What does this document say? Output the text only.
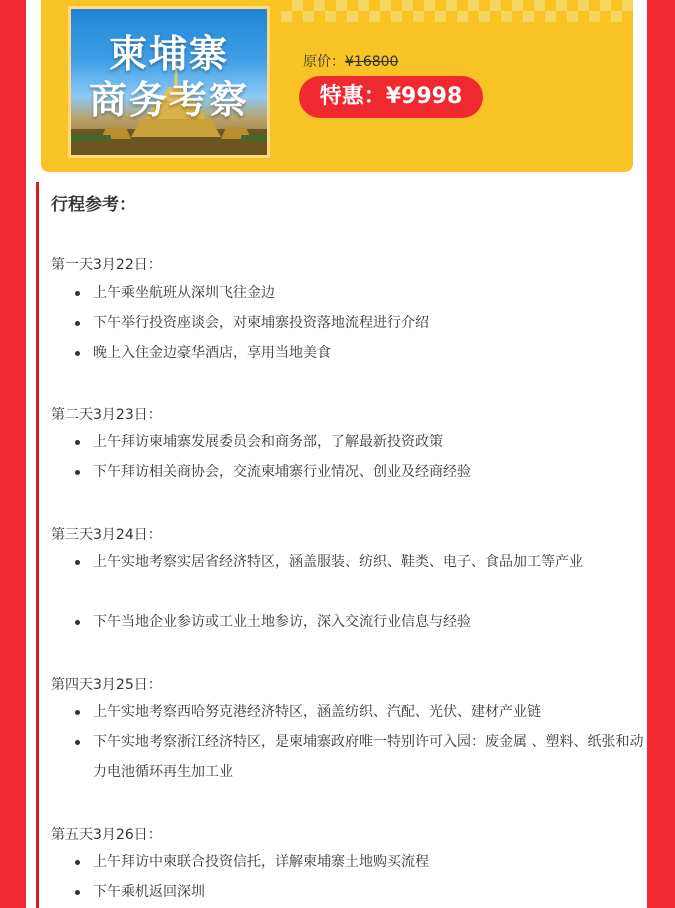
柬埔寨
商务考察
原价：¥16800
特惠：¥9998
行程参考：
第一天3月22日：
上午乘坐航班从深圳飞往金边
下午举行投资座谈会，对柬埔寨投资落地流程进行介绍
晚上入住金边豪华酒店，享用当地美食
第二天3月23日：
上午拜访柬埔寨发展委员会和商务部，了解最新投资政策
下午拜访相关商协会，交流柬埔寨行业情况、创业及经商经验
第三天3月24日：
上午实地考察实居省经济特区，涵盖服装、纺织、鞋类、电子、食品加工等产业
下午当地企业参访或工业土地参访，深入交流行业信息与经验
第四天3月25日：
上午实地考察西哈努克港经济特区，涵盖纺织、汽配、光伏、建材产业链
下午实地考察浙江经济特区，是柬埔寨政府唯一特别许可入园：废金属 、塑料、纸张和动力电池循环再生加工业
第五天3月26日：
上午拜访中柬联合投资信托，详解柬埔寨土地购买流程
下午乘机返回深圳
